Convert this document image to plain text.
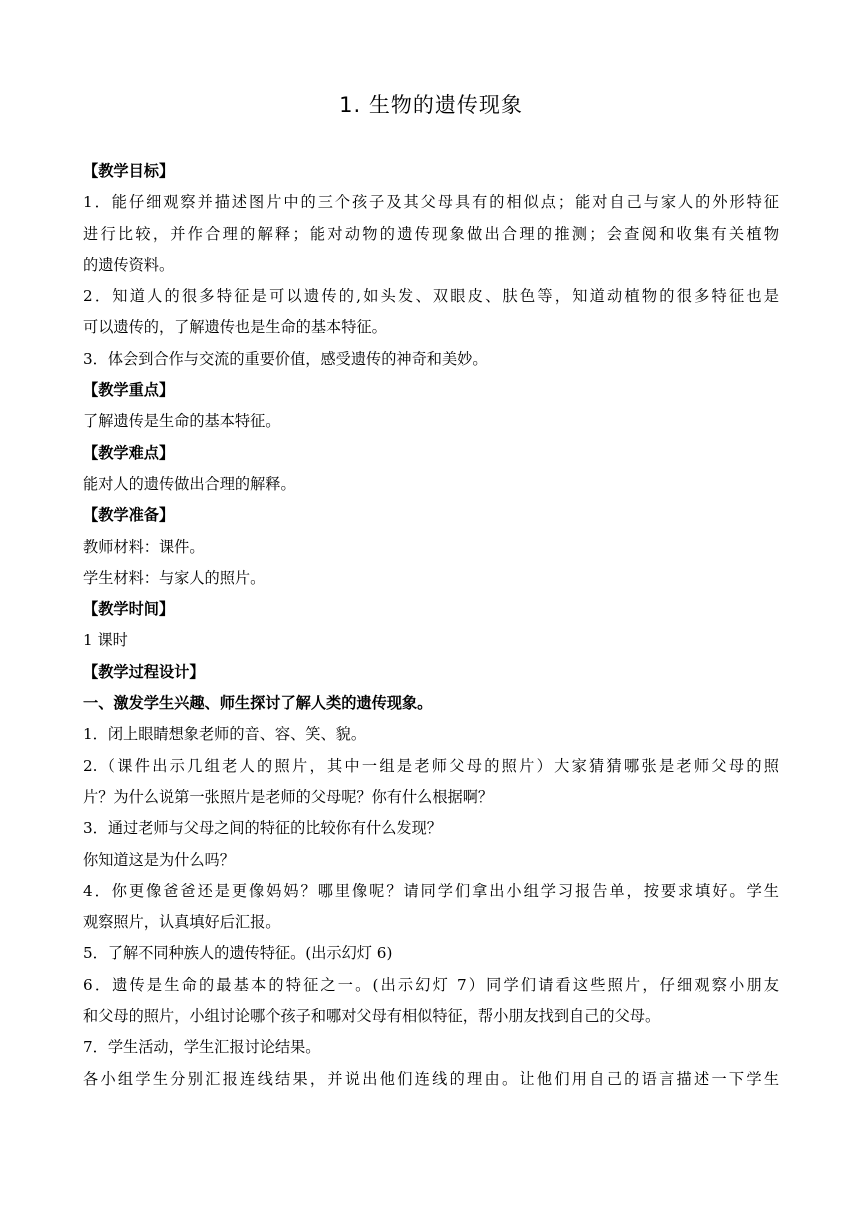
1. 生物的遗传现象
【教学目标】
1．能仔细观察并描述图片中的三个孩子及其父母具有的相似点；能对自己与家人的外形特征
进行比较，并作合理的解释；能对动物的遗传现象做出合理的推测；会查阅和收集有关植物
的遗传资料。
2．知道人的很多特征是可以遗传的,如头发、双眼皮、肤色等，知道动植物的很多特征也是
可以遗传的，了解遗传也是生命的基本特征。
3．体会到合作与交流的重要价值，感受遗传的神奇和美妙。
【教学重点】
了解遗传是生命的基本特征。
【教学难点】
能对人的遗传做出合理的解释。
【教学准备】
教师材料：课件。
学生材料：与家人的照片。
【教学时间】
1 课时
【教学过程设计】
一、激发学生兴趣、师生探讨了解人类的遗传现象。
1．闭上眼睛想象老师的音、容、笑、貌。
2.（课件出示几组老人的照片，其中一组是老师父母的照片）大家猜猜哪张是老师父母的照
片？为什么说第一张照片是老师的父母呢？你有什么根据啊？
3．通过老师与父母之间的特征的比较你有什么发现？
你知道这是为什么吗？
4．你更像爸爸还是更像妈妈？哪里像呢？请同学们拿出小组学习报告单，按要求填好。学生
观察照片，认真填好后汇报。
5．了解不同种族人的遗传特征。(出示幻灯 6)
6．遗传是生命的最基本的特征之一。(出示幻灯 7）同学们请看这些照片，仔细观察小朋友
和父母的照片，小组讨论哪个孩子和哪对父母有相似特征，帮小朋友找到自己的父母。
7．学生活动，学生汇报讨论结果。
各小组学生分别汇报连线结果，并说出他们连线的理由。让他们用自己的语言描述一下学生
